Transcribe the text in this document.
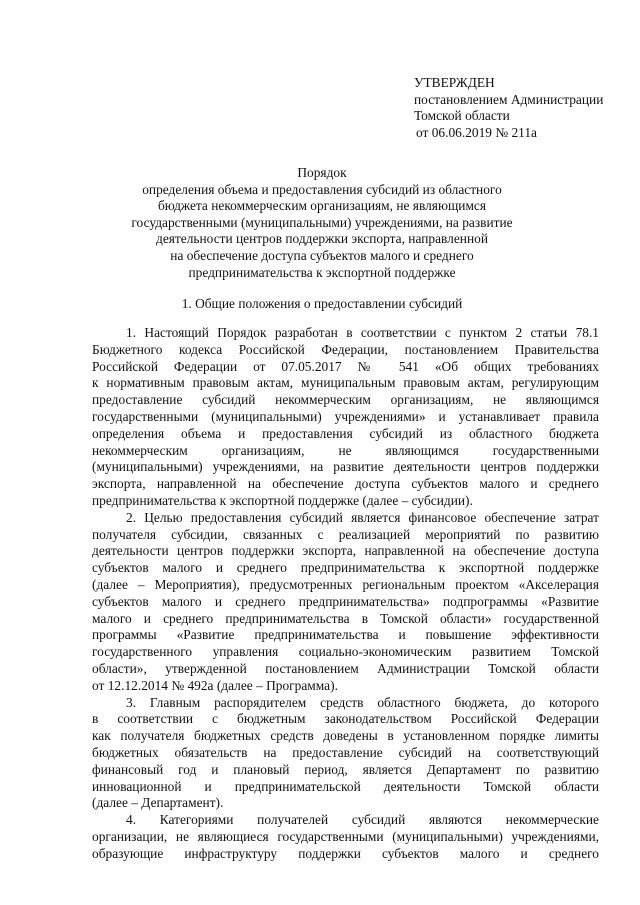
УТВЕРЖДЕН
постановлением Администрации
Томской области
от 06.06.2019 № 211а
Порядок
определения объема и предоставления субсидий из областного
бюджета некоммерческим организациям, не являющимся
государственными (муниципальными) учреждениями, на развитие
деятельности центров поддержки экспорта, направленной
на обеспечение доступа субъектов малого и среднего
предпринимательства к экспортной поддержке
1. Общие положения о предоставлении субсидий
1. Настоящий Порядок разработан в соответствии с пунктом 2 статьи 78.1
Бюджетного кодекса Российской Федерации, постановлением Правительства
Российской Федерации от 07.05.2017 № 541 «Об общих требованиях
к нормативным правовым актам, муниципальным правовым актам, регулирующим
предоставление субсидий некоммерческим организациям, не являющимся
государственными (муниципальными) учреждениями» и устанавливает правила
определения объема и предоставления субсидий из областного бюджета
некоммерческим организациям, не являющимся государственными
(муниципальными) учреждениями, на развитие деятельности центров поддержки
экспорта, направленной на обеспечение доступа субъектов малого и среднего
предпринимательства к экспортной поддержке (далее – субсидии).
2. Целью предоставления субсидий является финансовое обеспечение затрат
получателя субсидии, связанных с реализацией мероприятий по развитию
деятельности центров поддержки экспорта, направленной на обеспечение доступа
субъектов малого и среднего предпринимательства к экспортной поддержке
(далее – Мероприятия), предусмотренных региональным проектом «Акселерация
субъектов малого и среднего предпринимательства» подпрограммы «Развитие
малого и среднего предпринимательства в Томской области» государственной
программы «Развитие предпринимательства и повышение эффективности
государственного управления социально-экономическим развитием Томской
области», утвержденной постановлением Администрации Томской области
от 12.12.2014 № 492а (далее – Программа).
3. Главным распорядителем средств областного бюджета, до которого
в соответствии с бюджетным законодательством Российской Федерации
как получателя бюджетных средств доведены в установленном порядке лимиты
бюджетных обязательств на предоставление субсидий на соответствующий
финансовый год и плановый период, является Департамент по развитию
инновационной и предпринимательской деятельности Томской области
(далее – Департамент).
4. Категориями получателей субсидий являются некоммерческие
организации, не являющиеся государственными (муниципальными) учреждениями,
образующие инфраструктуру поддержки субъектов малого и среднего
